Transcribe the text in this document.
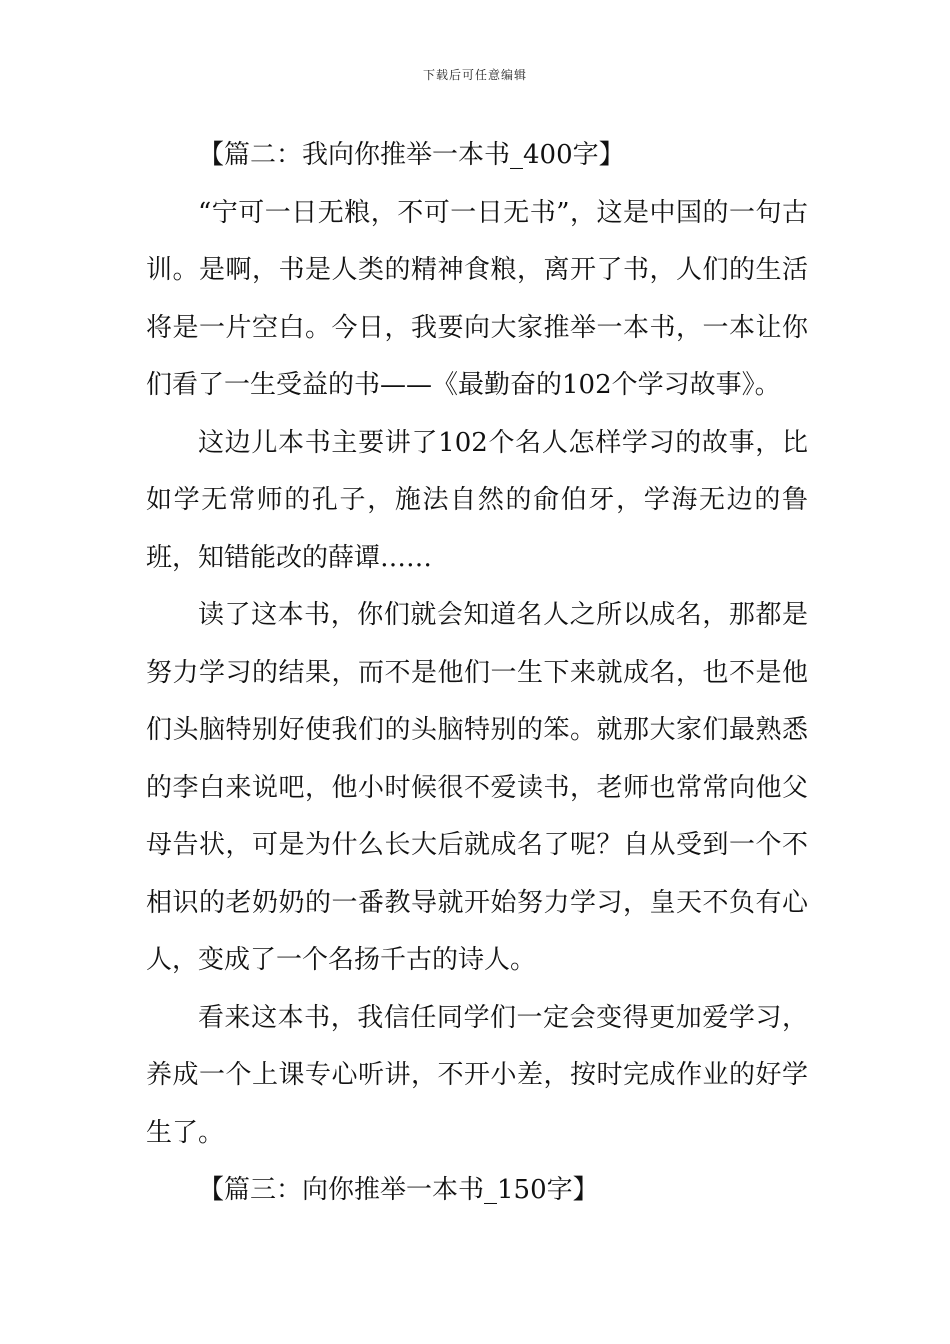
下载后可任意编辑
【篇二：我向你推举一本书_400字】

“宁可一日无粮，不可一日无书”，这是中国的一句古训。是啊，书是人类的精神食粮，离开了书，人们的生活将是一片空白。今日，我要向大家推举一本书，一本让你们看了一生受益的书——《最勤奋的102个学习故事》。

这边儿本书主要讲了102个名人怎样学习的故事，比如学无常师的孔子，施法自然的俞伯牙，学海无边的鲁班，知错能改的薛谭……

读了这本书，你们就会知道名人之所以成名，那都是努力学习的结果，而不是他们一生下来就成名，也不是他们头脑特别好使我们的头脑特别的笨。就那大家们最熟悉的李白来说吧，他小时候很不爱读书，老师也常常向他父母告状，可是为什么长大后就成名了呢？自从受到一个不相识的老奶奶的一番教导就开始努力学习，皇天不负有心人，变成了一个名扬千古的诗人。

看来这本书，我信任同学们一定会变得更加爱学习，养成一个上课专心听讲，不开小差，按时完成作业的好学生了。

【篇三：向你推举一本书_150字】
